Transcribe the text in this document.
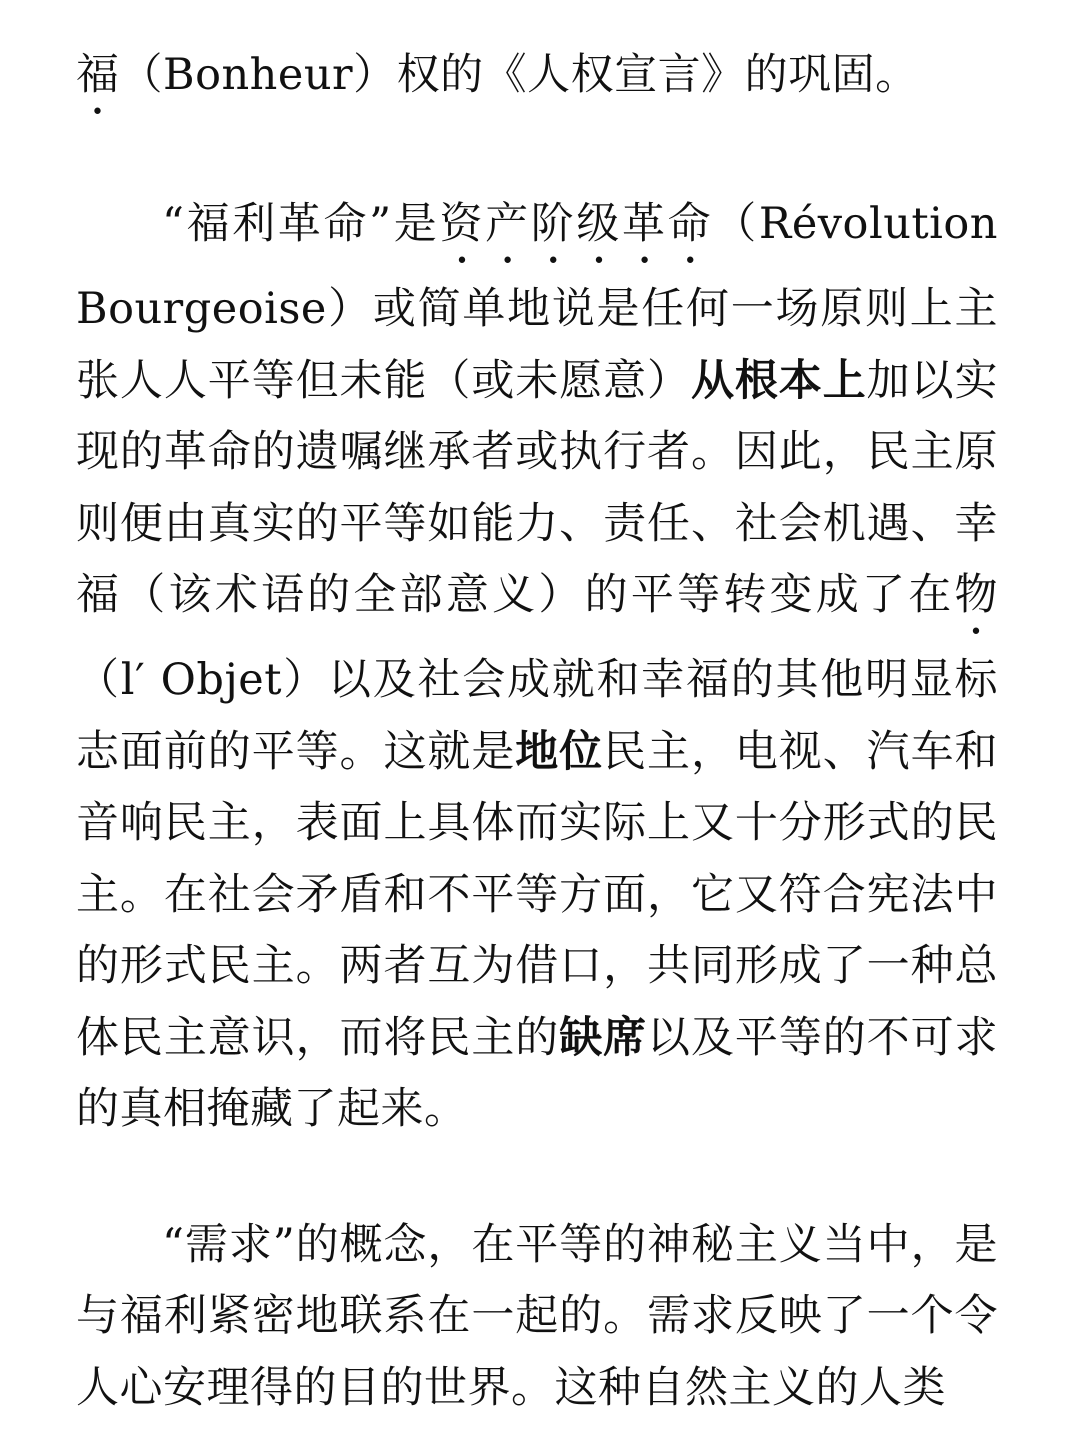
福（Bonheur）权的《人权宣言》的巩固。

“福利革命”是资产阶级革命（Révolution Bourgeoise）或简单地说是任何一场原则上主张人人平等但未能（或未愿意）从根本上加以实现的革命的遗嘱继承者或执行者。因此，民主原则便由真实的平等如能力、责任、社会机遇、幸福（该术语的全部意义）的平等转变成了在物（l′ Objet）以及社会成就和幸福的其他明显标志面前的平等。这就是地位民主，电视、汽车和音响民主，表面上具体而实际上又十分形式的民主。在社会矛盾和不平等方面，它又符合宪法中的形式民主。两者互为借口，共同形成了一种总体民主意识，而将民主的缺席以及平等的不可求的真相掩藏了起来。

“需求”的概念，在平等的神秘主义当中，是与福利紧密地联系在一起的。需求反映了一个令人心安理得的目的世界。这种自然主义的人类
